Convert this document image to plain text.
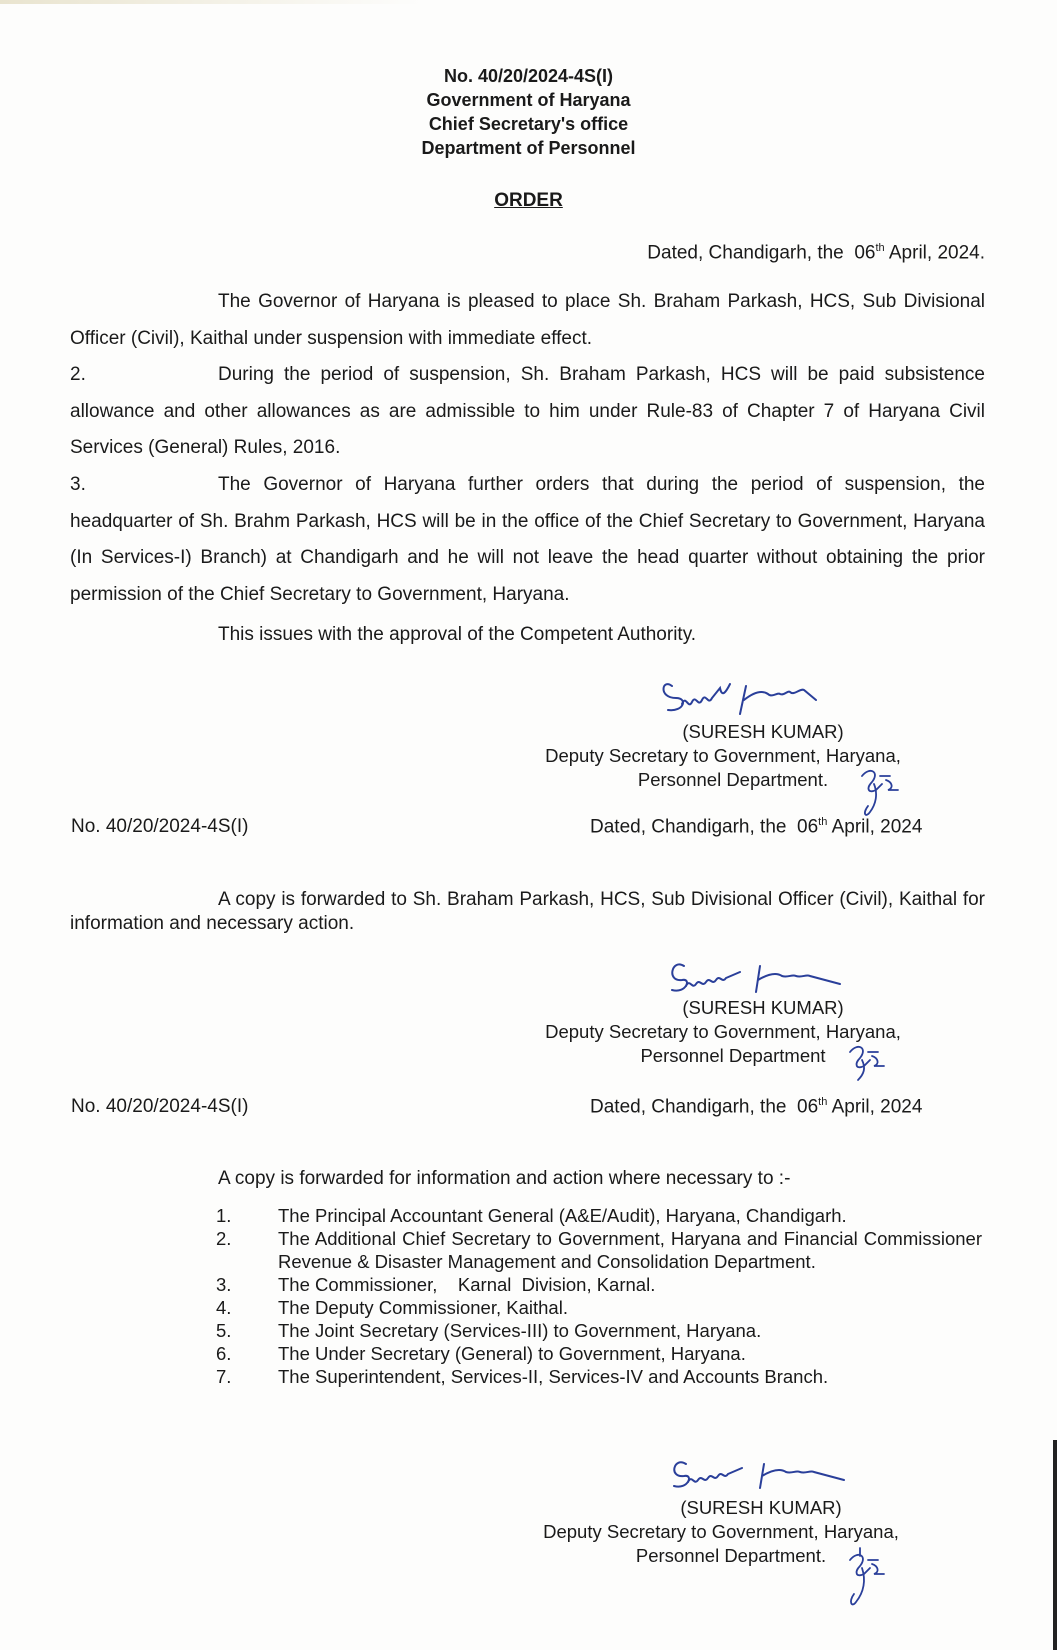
No. 40/20/2024-4S(I)

Government of Haryana

Chief Secretary's office

Department of Personnel

ORDER

Dated, Chandigarh, the 06th April, 2024.

The Governor of Haryana is pleased to place Sh. Braham Parkash, HCS, Sub Divisional Officer (Civil), Kaithal under suspension with immediate effect.

2.	During the period of suspension, Sh. Braham Parkash, HCS will be paid subsistence allowance and other allowances as are admissible to him under Rule-83 of Chapter 7 of Haryana Civil Services (General) Rules, 2016.

3.	The Governor of Haryana further orders that during the period of suspension, the headquarter of Sh. Brahm Parkash, HCS will be in the office of the Chief Secretary to Government, Haryana (In Services-I) Branch) at Chandigarh and he will not leave the head quarter without obtaining the prior permission of the Chief Secretary to Government, Haryana.

This issues with the approval of the Competent Authority.

(SURESH KUMAR)
Deputy Secretary to Government, Haryana,
Personnel Department.

No. 40/20/2024-4S(I)	Dated, Chandigarh, the 06th April, 2024

A copy is forwarded to Sh. Braham Parkash, HCS, Sub Divisional Officer (Civil), Kaithal for information and necessary action.

(SURESH KUMAR)
Deputy Secretary to Government, Haryana,
Personnel Department

No. 40/20/2024-4S(I)	Dated, Chandigarh, the 06th April, 2024

A copy is forwarded for information and action where necessary to :-

1.	The Principal Accountant General (A&E/Audit), Haryana, Chandigarh.
2.	The Additional Chief Secretary to Government, Haryana and Financial Commissioner Revenue & Disaster Management and Consolidation Department.
3.	The Commissioner,    Karnal  Division, Karnal.
4.	The Deputy Commissioner, Kaithal.
5.	The Joint Secretary (Services-III) to Government, Haryana.
6.	The Under Secretary (General) to Government, Haryana.
7.	The Superintendent, Services-II, Services-IV and Accounts Branch.
(SURESH KUMAR)
Deputy Secretary to Government, Haryana,
Personnel Department.
